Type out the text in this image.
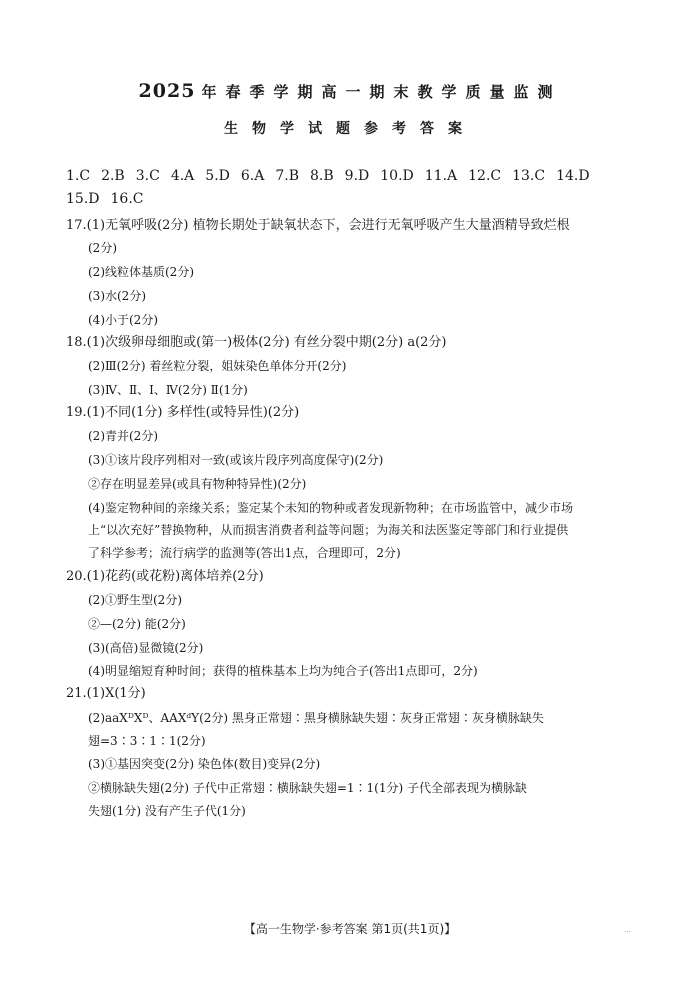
2025 年春季学期高一期末教学质量监测
生物学试题参考答案
1.C 2.B 3.C 4.A 5.D 6.A 7.B 8.B 9.D 10.D 11.A 12.C 13.C 14.D
15.D 16.C
17.(1)无氧呼吸(2分) 植物长期处于缺氧状态下，会进行无氧呼吸产生大量酒精导致烂根
(2分)
(2)线粒体基质(2分)
(3)水(2分)
(4)小于(2分)
18.(1)次级卵母细胞或(第一)极体(2分) 有丝分裂中期(2分) a(2分)
(2)Ⅲ(2分) 着丝粒分裂，姐妹染色单体分开(2分)
(3)Ⅳ、Ⅱ、Ⅰ、Ⅳ(2分) Ⅱ(1分)
19.(1)不同(1分) 多样性(或特异性)(2分)
(2)青并(2分)
(3)①该片段序列相对一致(或该片段序列高度保守)(2分)
②存在明显差异(或具有物种特异性)(2分)
(4)鉴定物种间的亲缘关系；鉴定某个未知的物种或者发现新物种；在市场监管中，减少市场
上“以次充好”替换物种，从而损害消费者利益等问题；为海关和法医鉴定等部门和行业提供
了科学参考；流行病学的监测等(答出1点，合理即可，2分)
20.(1)花药(或花粉)离体培养(2分)
(2)①野生型(2分)
②—(2分) 能(2分)
(3)(高倍)显微镜(2分)
(4)明显缩短育种时间；获得的植株基本上均为纯合子(答出1点即可，2分)
21.(1)X(1分)
(2)aaXᴰXᴰ、AAXᵈY(2分) 黑身正常翅∶黑身横脉缺失翅∶灰身正常翅∶灰身横脉缺失
翅=3∶3∶1∶1(2分)
(3)①基因突变(2分) 染色体(数目)变异(2分)
②横脉缺失翅(2分) 子代中正常翅∶横脉缺失翅=1∶1(1分) 子代全部表现为横脉缺
失翅(1分) 没有产生子代(1分)
【高一生物学·参考答案 第1页(共1页)】	...
